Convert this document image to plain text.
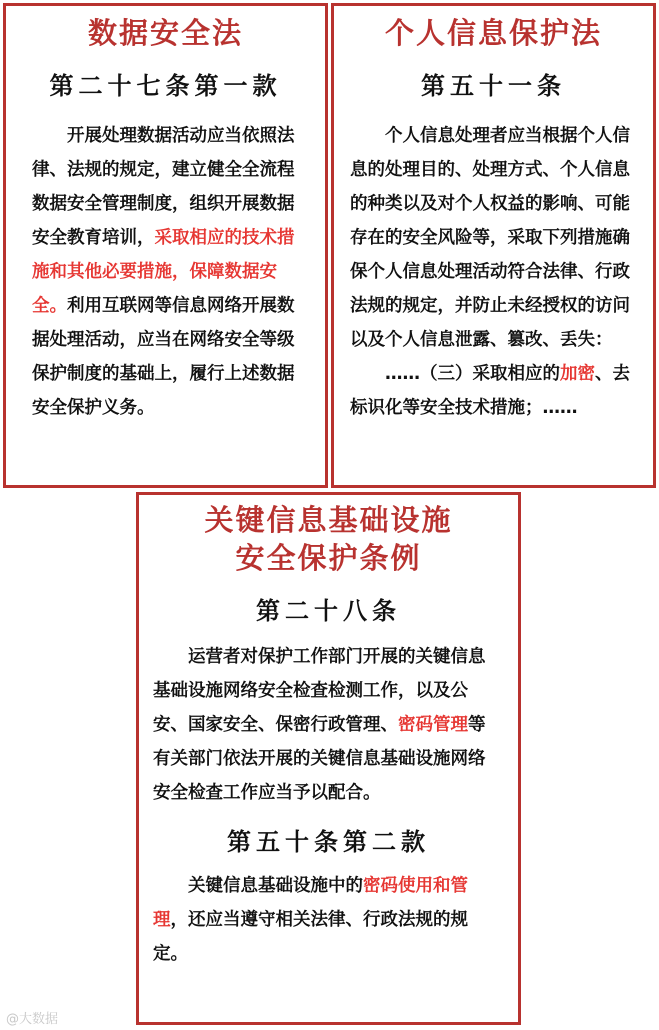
数据安全法
第二十七条第一款

开展处理数据活动应当依照法律、法规的规定，建立健全全流程数据安全管理制度，组织开展数据安全教育培训，采取相应的技术措施和其他必要措施，保障数据安全。利用互联网等信息网络开展数据处理活动，应当在网络安全等级保护制度的基础上，履行上述数据安全保护义务。

个人信息保护法
第五十一条

个人信息处理者应当根据个人信息的处理目的、处理方式、个人信息的种类以及对个人权益的影响、可能存在的安全风险等，采取下列措施确保个人信息处理活动符合法律、行政法规的规定，并防止未经授权的访问以及个人信息泄露、篡改、丢失：
……（三）采取相应的加密、去标识化等安全技术措施；……

关键信息基础设施
安全保护条例
第二十八条

运营者对保护工作部门开展的关键信息基础设施网络安全检查检测工作，以及公安、国家安全、保密行政管理、密码管理等有关部门依法开展的关键信息基础设施网络安全检查工作应当予以配合。

第五十条第二款

关键信息基础设施中的密码使用和管理，还应当遵守相关法律、行政法规的规定。

@大数据
